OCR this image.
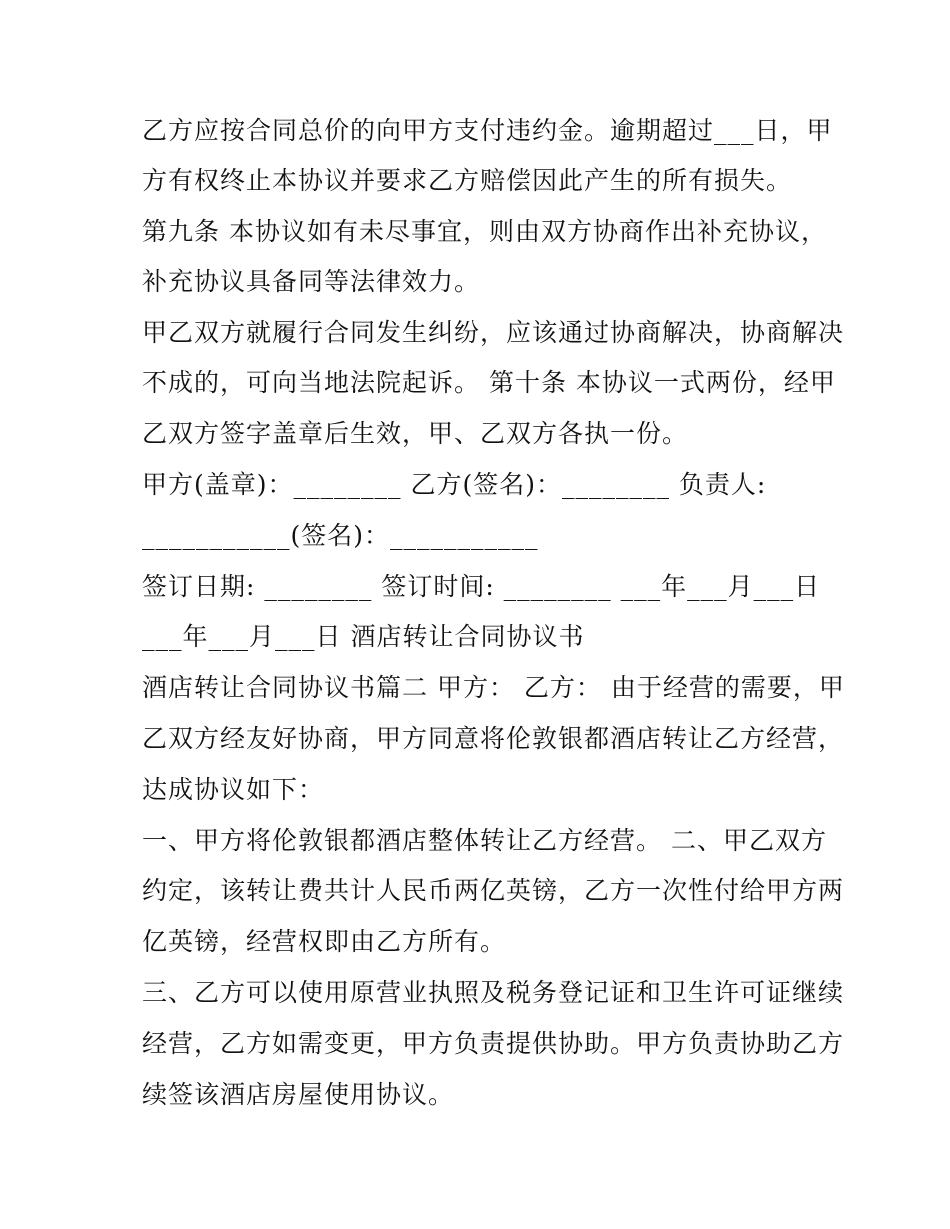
乙方应按合同总价的向甲方支付违约金。逾期超过___日，甲
方有权终止本协议并要求乙方赔偿因此产生的所有损失。
第九条 本协议如有未尽事宜，则由双方协商作出补充协议，
补充协议具备同等法律效力。
甲乙双方就履行合同发生纠纷，应该通过协商解决，协商解决
不成的，可向当地法院起诉。 第十条 本协议一式两份，经甲
乙双方签字盖章后生效，甲、乙双方各执一份。
甲方(盖章)：________ 乙方(签名)：________ 负责人:
___________(签名)：___________
签订日期: ________ 签订时间: ________ ___年___月___日
___年___月___日 酒店转让合同协议书
酒店转让合同协议书篇二 甲方： 乙方： 由于经营的需要，甲
乙双方经友好协商，甲方同意将伦敦银都酒店转让乙方经营，
达成协议如下：
一、甲方将伦敦银都酒店整体转让乙方经营。 二、甲乙双方
约定，该转让费共计人民币两亿英镑，乙方一次性付给甲方两
亿英镑，经营权即由乙方所有。
三、乙方可以使用原营业执照及税务登记证和卫生许可证继续
经营，乙方如需变更，甲方负责提供协助。甲方负责协助乙方
续签该酒店房屋使用协议。
